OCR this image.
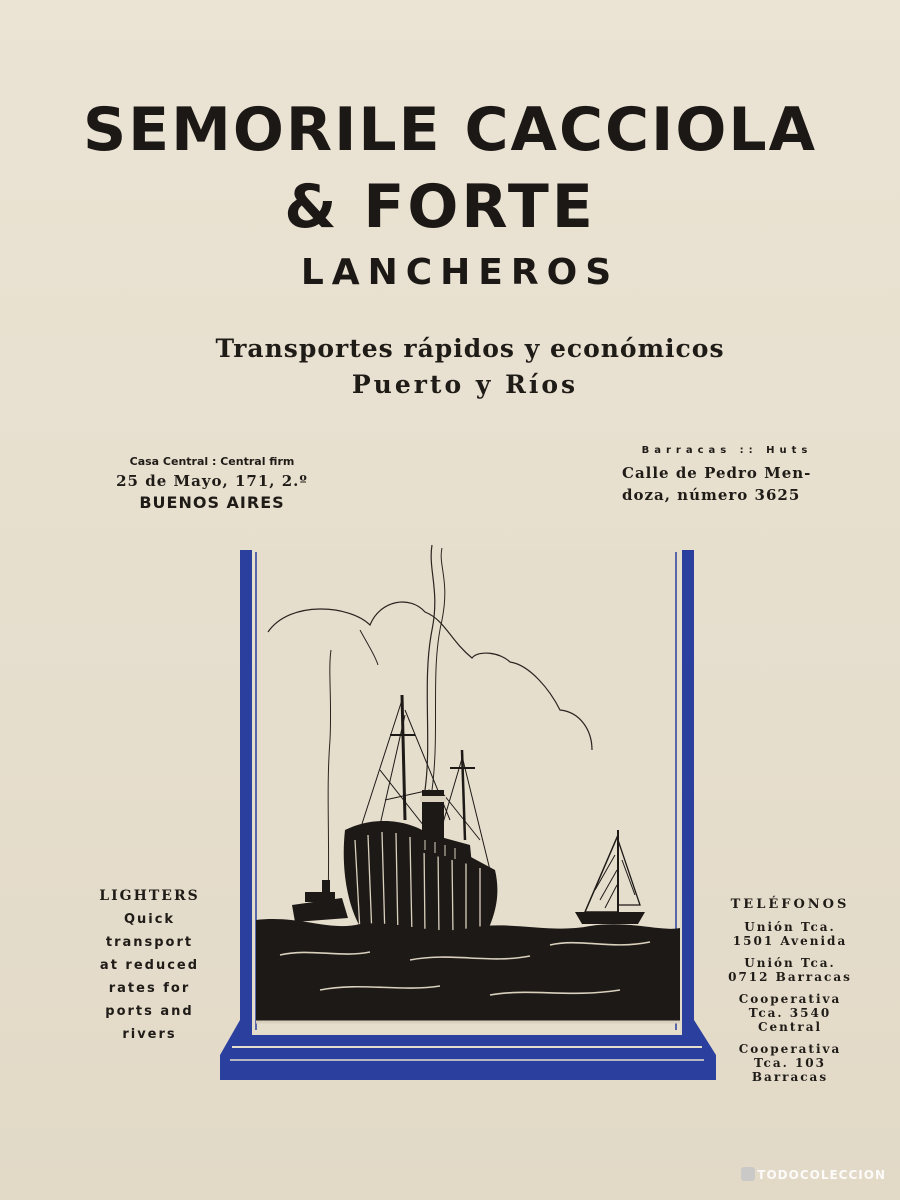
SEMORILE CACCIOLA
& FORTE
LANCHEROS
Transportes rápidos y económicos
Puerto y Ríos
Casa Central : Central firm
25 de Mayo, 171, 2.º
BUENOS AIRES
Barracas :: Huts
Calle de Pedro Men-
doza, número 3625
LIGHTERS
Quick
transport
at reduced
rates for
ports and
rivers
TELÉFONOS
Unión Tca.
1501 Avenida
Unión Tca.
0712 Barracas
Cooperativa
Tca. 3540
Central
Cooperativa
Tca. 103
Barracas
TODOCOLECCION
